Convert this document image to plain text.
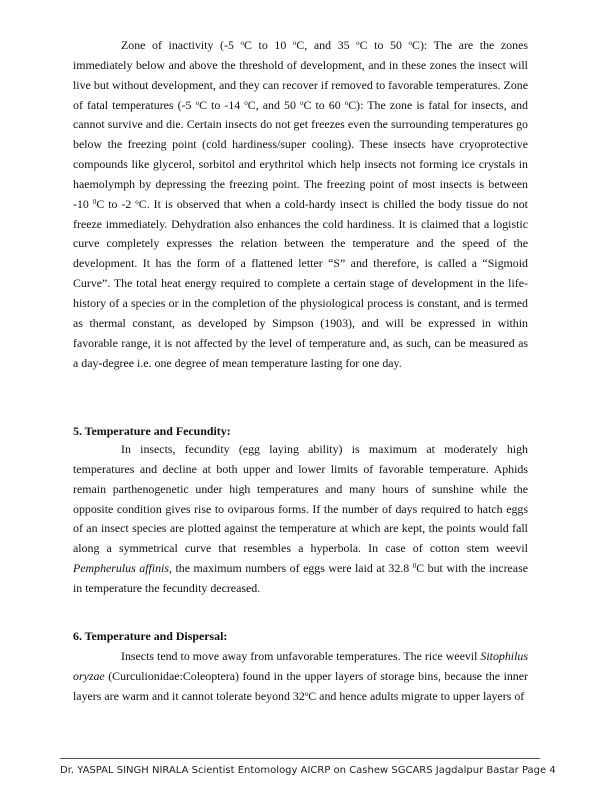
Zone of inactivity (-5 $^o$C to 10 $^o$C, and 35 $^o$C to 50 $^o$C): The are the zones immediately below and above the threshold of development, and in these zones the insect will live but without development, and they can recover if removed to favorable temperatures. Zone of fatal temperatures (-5 $^o$C to -14 $^o$C, and 50 $^o$C to 60 $^o$C): The zone is fatal for insects, and cannot survive and die. Certain insects do not get freezes even the surrounding temperatures go below the freezing point (cold hardiness/super cooling). These insects have cryoprotective compounds like glycerol, sorbitol and erythritol which help insects not forming ice crystals in haemolymph by depressing the freezing point. The freezing point of most insects is between -10 $^0$C to -2 $^o$C. It is observed that when a cold-hardy insect is chilled the body tissue do not freeze immediately. Dehydration also enhances the cold hardiness. It is claimed that a logistic curve completely expresses the relation between the temperature and the speed of the development. It has the form of a flattened letter “S” and therefore, is called a “Sigmoid Curve”. The total heat energy required to complete a certain stage of development in the life- history of a species or in the completion of the physiological process is constant, and is termed as thermal constant, as developed by Simpson (1903), and will be expressed in within favorable range, it is not affected by the level of temperature and, as such, can be measured as a day-degree i.e. one degree of mean temperature lasting for one day.

5. Temperature and Fecundity:

In insects, fecundity (egg laying ability) is maximum at moderately high temperatures and decline at both upper and lower limits of favorable temperature. Aphids remain parthenogenetic under high temperatures and many hours of sunshine while the opposite condition gives rise to oviparous forms. If the number of days required to hatch eggs of an insect species are plotted against the temperature at which are kept, the points would fall along a symmetrical curve that resembles a hyperbola. In case of cotton stem weevil Pempherulus affinis, the maximum numbers of eggs were laid at 32.8 $^0$C but with the increase in temperature the fecundity decreased.

6. Temperature and Dispersal:

Insects tend to move away from unfavorable temperatures. The rice weevil Sitophilus oryzae (Curculionidae:Coleoptera) found in the upper layers of storage bins, because the inner layers are warm and it cannot tolerate beyond 32$^o$C and hence adults migrate to upper layers of

Dr. YASPAL SINGH NIRALA Scientist Entomology AICRP on Cashew SGCARS Jagdalpur Bastar Page 4
